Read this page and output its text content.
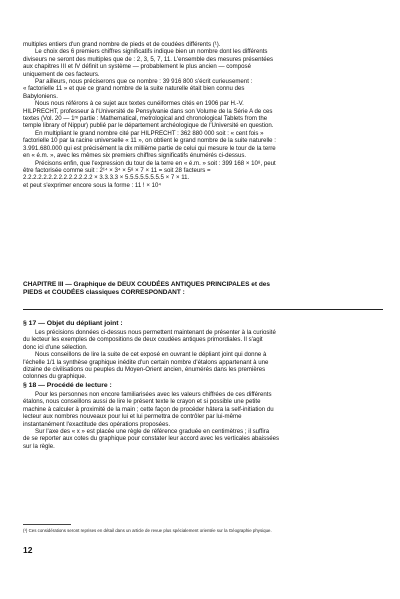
multiples entiers d'un grand nombre de pieds et de coudées différents (¹).
Le choix des 6 premiers chiffres significatifs indique bien un nombre dont les différents
diviseurs ne seront des multiples que de : 2, 3, 5, 7, 11. L'ensemble des mesures présentées
aux chapitres III et IV définit un système — probablement le plus ancien — composé
uniquement de ces facteurs.
Par ailleurs, nous préciserons que ce nombre : 39 916 800 s'écrit curieusement :
« factorielle 11 » et que ce grand nombre de la suite naturelle était bien connu des
Babyloniens.
Nous nous référons à ce sujet aux textes cunéiformes cités en 1906 par H.-V.
HILPRECHT, professeur à l'Université de Pensylvanie dans son Volume de la Série A de ces
textes (Vol. 20 — 1ʳᵉ partie : Mathematical, metrological and chronological Tablets from the
temple library of Nippur) publié par le département archéologique de l'Université en question.
En multipliant le grand nombre cité par HILPRECHT : 362 880 000 soit : « cent fois »
factorielle 10 par la racine universelle « 11 », on obtient le grand nombre de la suite naturelle :
3.991.680.000 qui est précisément la dix millième partie de celui qui mesure le tour de la terre
en « é.m. », avec les mêmes six premiers chiffres significatifs énumérés ci-dessus.
Précisons enfin, que l'expression du tour de la terre en « é.m. » soit : 399 168 × 10⁸, peut
être factorisée comme suit : 2¹⁴ × 3⁴ × 5⁸ × 7 × 11 = soit 28 facteurs =
2.2.2.2.2.2.2.2.2.2.2.2.2.2 × 3.3.3.3 × 5.5.5.5.5.5.5.5 × 7 × 11.
et peut s'exprimer encore sous la forme : 11 ! × 10⁴
CHAPITRE III — Graphique de DEUX COUDÉES ANTIQUES PRINCIPALES et des
PIEDS et COUDÉES classiques CORRESPONDANT :
§ 17 — Objet du dépliant joint :
Les précisions données ci-dessus nous permettent maintenant de présenter à la curiosité
du lecteur les exemples de compositions de deux coudées antiques primordiales. Il s'agit
donc ici d'une sélection.
Nous conseillons de lire la suite de cet exposé en ouvrant le dépliant joint qui donne à
l'échelle 1/1 la synthèse graphique inédite d'un certain nombre d'étalons appartenant à une
dizaine de civilisations ou peuples du Moyen-Orient ancien, énumérés dans les premières
colonnes du graphique.
§ 18 — Procédé de lecture :
Pour les personnes non encore familiarisées avec les valeurs chiffrées de ces différents
étalons, nous conseillons aussi de lire le présent texte le crayon et si possible une petite
machine à calculer à proximité de la main ; cette façon de procéder hâtera la self-initiation du
lecteur aux nombres nouveaux pour lui et lui permettra de contrôler par lui-même
instantanément l'exactitude des opérations proposées.
Sur l'axe des « x » est placée une règle de référence graduée en centimètres ; il suffira
de se reporter aux cotes du graphique pour constater leur accord avec les verticales abaissées
sur la règle.
(¹) Ces considérations seront reprises en détail dans un article de revue plus spécialement orientée sur la Géographie physique.
12
